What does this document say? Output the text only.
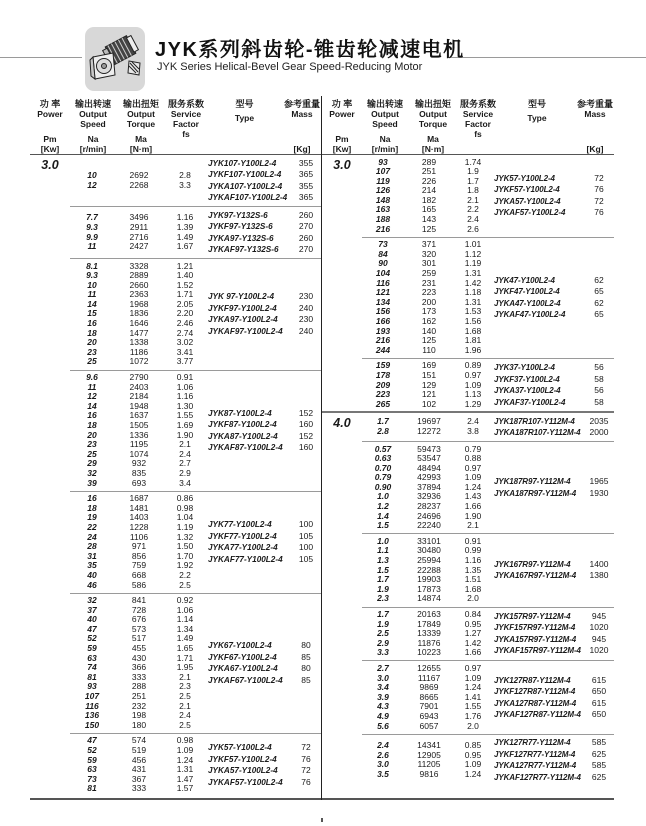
JYK系列斜齿轮-锥齿轮减速电机
JYK Series Helical-Bevel Gear Speed-Reducing Motor
功 率
Power
Pm
[Kw]
输出转速
Output
Speed
Na
[r/min]
输出扭矩
Output
Torque
Ma
[N·m]
服务系数
Service
Factor
fs
型号
Type
参考重量
Mass
[Kg]
3.0
10	2692	2.8
12	2268	3.3
JYK107-Y100L2-4	355
JYKF107-Y100L2-4	365
JYKA107-Y100L2-4	355
JYKAF107-Y100L2-4	365
7.7	3496	1.16
9.3	2911	1.39
9.9	2716	1.49
11	2427	1.67
JYK97-Y132S-6	260
JYKF97-Y132S-6	270
JYKA97-Y132S-6	260
JYKAF97-Y132S-6	270
8.1	3328	1.21
9.3	2889	1.40
10	2660	1.52
11	2363	1.71
14	1968	2.05
15	1836	2.20
16	1646	2.46
18	1477	2.74
20	1338	3.02
23	1186	3.41
25	1072	3.77
JYK 97-Y100L2-4	230
JYKF97-Y100L2-4	240
JYKA97-Y100L2-4	230
JYKAF97-Y100L2-4	240
9.6	2790	0.91
11	2403	1.06
12	2184	1.16
14	1948	1.30
16	1637	1.55
18	1505	1.69
20	1336	1.90
23	1195	2.1
25	1074	2.4
29	932	2.7
32	835	2.9
39	693	3.4
JYK87-Y100L2-4	152
JYKF87-Y100L2-4	160
JYKA87-Y100L2-4	152
JYKAF87-Y100L2-4	160
16	1687	0.86
18	1481	0.98
19	1403	1.04
22	1228	1.19
24	1106	1.32
28	971	1.50
31	856	1.70
35	759	1.92
40	668	2.2
46	586	2.5
JYK77-Y100L2-4	100
JYKF77-Y100L2-4	105
JYKA77-Y100L2-4	100
JYKAF77-Y100L2-4	105
32	841	0.92
37	728	1.06
40	676	1.14
47	573	1.34
52	517	1.49
59	455	1.65
63	430	1.71
74	366	1.95
81	333	2.1
93	288	2.3
107	251	2.5
116	232	2.1
136	198	2.4
150	180	2.5
JYK67-Y100L2-4	80
JYKF67-Y100L2-4	85
JYKA67-Y100L2-4	80
JYKAF67-Y100L2-4	85
47	574	0.98
52	519	1.09
59	456	1.24
63	431	1.31
73	367	1.47
81	333	1.57
JYK57-Y100L2-4	72
JYKF57-Y100L2-4	76
JYKA57-Y100L2-4	72
JYKAF57-Y100L2-4	76
功 率
Power
Pm
[Kw]
输出转速
Output
Speed
Na
[r/min]
输出扭矩
Output
Torque
Ma
[N·m]
服务系数
Service
Factor
fs
型号
Type
参考重量
Mass
[Kg]
3.0	93	289	1.74
107	251	1.9
119	226	1.7
126	214	1.8
148	182	2.1
163	165	2.2
188	143	2.4
216	125	2.6
JYK57-Y100L2-4	72
JYKF57-Y100L2-4	76
JYKA57-Y100L2-4	72
JYKAF57-Y100L2-4	76
73	371	1.01
84	320	1.12
90	301	1.19
104	259	1.31
116	231	1.42
121	223	1.18
134	200	1.31
156	173	1.53
166	162	1.56
193	140	1.68
216	125	1.81
244	110	1.96
JYK47-Y100L2-4	62
JYKF47-Y100L2-4	65
JYKA47-Y100L2-4	62
JYKAF47-Y100L2-4	65
159	169	0.89
178	151	0.97
209	129	1.09
223	121	1.13
265	102	1.29
JYK37-Y100L2-4	56
JYKF37-Y100L2-4	58
JYKA37-Y100L2-4	56
JYKAF37-Y100L2-4	58
4.0	1.7	19697	2.4
2.8	12272	3.8
JYK187R107-Y112M-4	2035
JYKA187R107-Y112M-4	2000
0.57	59473	0.79
0.63	53547	0.88
0.70	48494	0.97
0.79	42993	1.09
0.90	37894	1.24
1.0	32936	1.43
1.2	28237	1.66
1.4	24696	1.90
1.5	22240	2.1
JYK187R97-Y112M-4	1965
JYKA187R97-Y112M-4	1930
1.0	33101	0.91
1.1	30480	0.99
1.3	25994	1.16
1.5	22288	1.35
1.7	19903	1.51
1.9	17873	1.68
2.3	14874	2.0
JYK167R97-Y112M-4	1400
JYKA167R97-Y112M-4	1380
1.7	20163	0.84
1.9	17849	0.95
2.5	13339	1.27
2.9	11876	1.42
3.3	10223	1.66
JYK157R97-Y112M-4	945
JYKF157R97-Y112M-4	1020
JYKA157R97-Y112M-4	945
JYKAF157R97-Y112M-4	1020
2.7	12655	0.97
3.0	11167	1.09
3.4	9869	1.24
3.9	8665	1.41
4.3	7901	1.55
4.9	6943	1.76
5.6	6057	2.0
JYK127R87-Y112M-4	615
JYKF127R87-Y112M-4	650
JYKA127R87-Y112M-4	615
JYKAF127R87-Y112M-4	650
2.4	14341	0.85
2.6	12905	0.95
3.0	11205	1.09
3.5	9816	1.24
JYK127R77-Y112M-4	585
JYKF127R77-Y112M-4	625
JYKA127R77-Y112M-4	585
JYKAF127R77-Y112M-4	625
